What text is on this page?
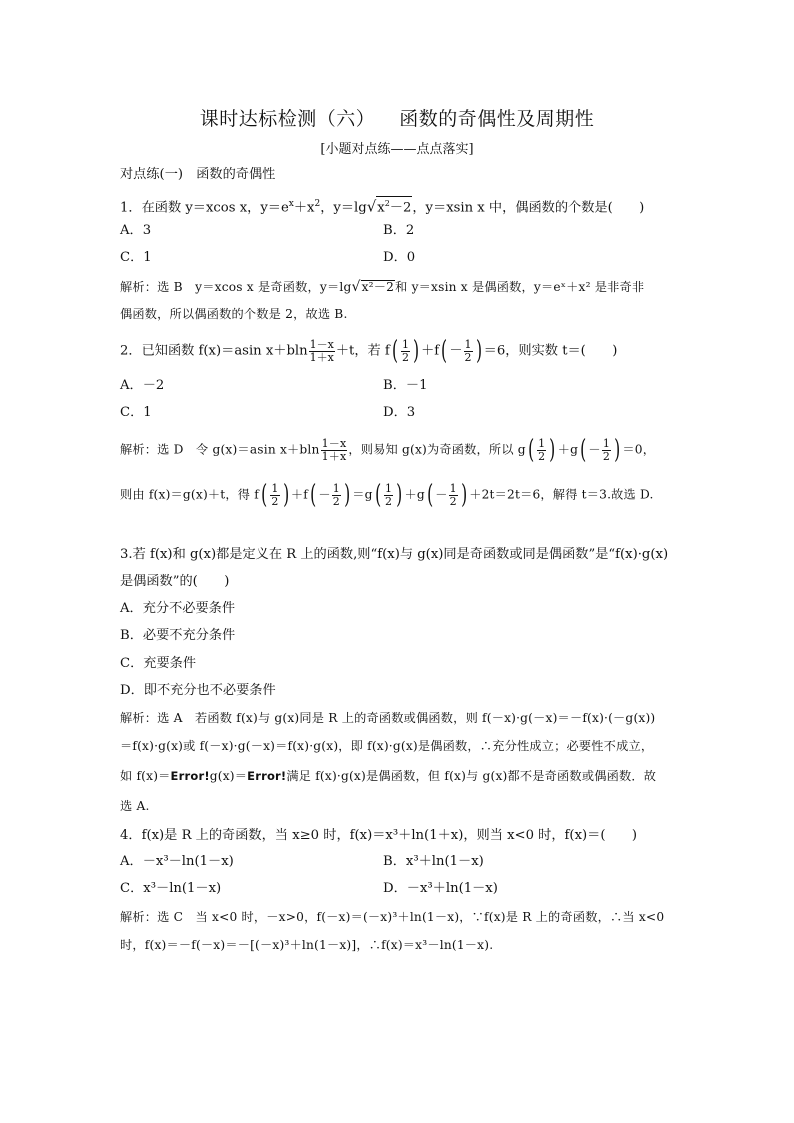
课时达标检测（六） 函数的奇偶性及周期性
[小题对点练——点点落实]
对点练(一)　函数的奇偶性
1．在函数 y＝xcos x，$y=e^x+x^2$，$y=\lg√x^2-2$，y＝xsin x 中，偶函数的个数是(　　)
A．3	B．2
C．1	D．0
解析：选 B　y＝xcos x 是奇函数，y＝lg√x²－2和 y＝xsin x 是偶函数，y＝eˣ＋x² 是非奇非
偶函数，所以偶函数的个数是 2，故选 B.
2．已知函数 f(x)＝asin $x+bln \frac{1-x}{1+x} +t$，若 $f( \frac{1}{2}$ ) $+f( - \frac{1}{2}$ ) ＝6，则实数 t＝(　　)
A．－2	B．－1
C．1	D．3
解析：选 D　令 g(x)＝asin $x+bln \frac{1-x}{1+x}$ ，则易知 g(x)为奇函数，所以 $g( \frac{1}{2}$ ) $+g( - \frac{1}{2}$ ) ＝0，
则由 f(x)＝g(x)＋t，得 $f( \frac{1}{2}$ ) $+f( - \frac{1}{2}$ ) $=g( \frac{1}{2}$ ) $+g( - \frac{1}{2}$ ) ＋2t＝2t＝6，解得 t＝3.故选 D.
3.若 f(x)和 g(x)都是定义在 R 上的函数,则“f(x)与 g(x)同是奇函数或同是偶函数”是“f(x)·g(x)
是偶函数”的(　　)
A．充分不必要条件
B．必要不充分条件
C．充要条件
D．即不充分也不必要条件
解析：选 A　若函数 f(x)与 g(x)同是 R 上的奇函数或偶函数，则 f(－x)·g(－x)＝－f(x)·(－g(x))
＝f(x)·g(x)或 f(－x)·g(－x)＝f(x)·g(x)，即 f(x)·g(x)是偶函数，∴充分性成立；必要性不成立，
如 f(x)＝Error!g(x)＝Error!满足 f(x)·g(x)是偶函数，但 f(x)与 g(x)都不是奇函数或偶函数．故
选 A.
4．f(x)是 R 上的奇函数，当 x≥0 时，f(x)＝x³＋ln(1＋x)，则当 x<0 时，f(x)＝(　　)
A．－x³－ln(1－x)	B．x³＋ln(1－x)
C．x³－ln(1－x)	D．－x³＋ln(1－x)
解析：选 C　当 x<0 时，－x>0，f(－x)＝(－x)³＋ln(1－x)，∵f(x)是 R 上的奇函数，∴当 x<0
时，f(x)＝－f(－x)＝－[(－x)³＋ln(1－x)]，∴f(x)＝x³－ln(1－x).
